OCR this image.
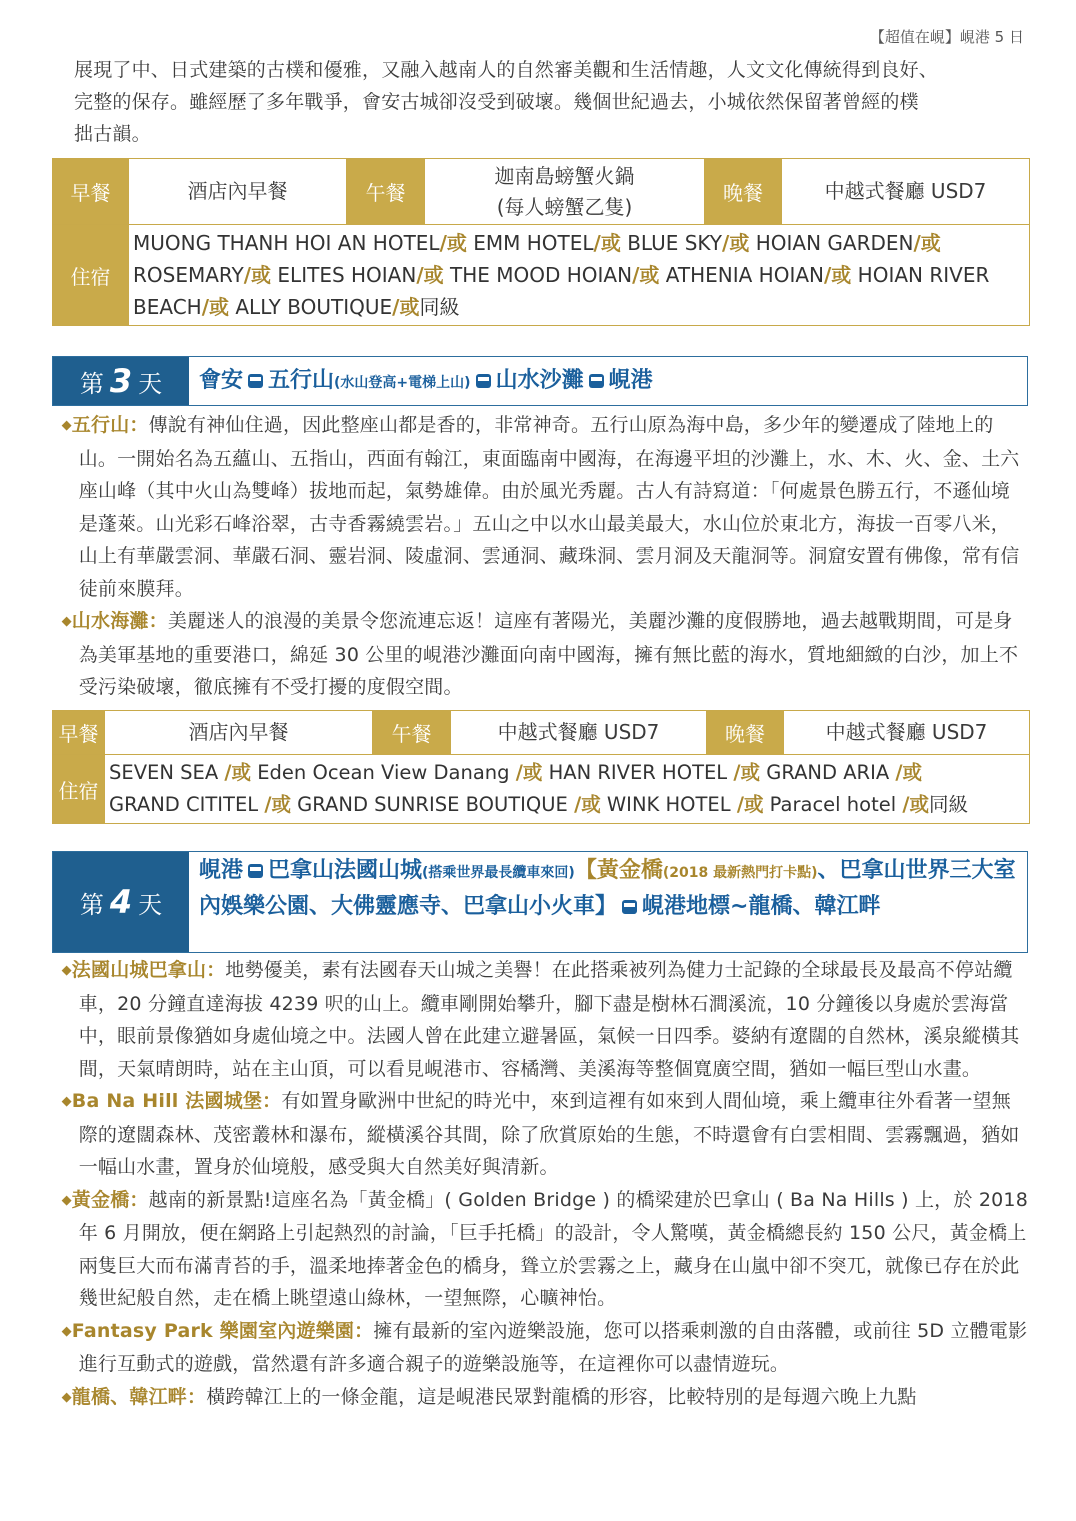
【超值在峴】峴港 5 日

展現了中、日式建築的古樸和優雅，又融入越南人的自然審美觀和生活情趣，人文文化傳統得到良好、

完整的保存。雖經歷了多年戰爭，會安古城卻沒受到破壞。幾個世紀過去，小城依然保留著曾經的樸

拙古韻。

早餐	酒店內早餐	午餐	迦南島螃蟹火鍋
(每人螃蟹乙隻)	晚餐	中越式餐廳 USD7
住宿	MUONG THANH HOI AN HOTEL/或 EMM HOTEL/或 BLUE SKY/或 HOIAN GARDEN/或
ROSEMARY/或 ELITES HOIAN/或 THE MOOD HOIAN/或 ATHENIA HOIAN/或 HOIAN RIVER BEACH/或 ALLY BOUTIQUE/或同級				
第 3 天	會安 五行山(水山登高+電梯上山) 山水沙灘 峴港

◆五行山：傳說有神仙住過，因此整座山都是香的，非常神奇。五行山原為海中島，多少年的變遷成了陸地上的山。一開始名為五蘊山、五指山，西面有翰江，東面臨南中國海，在海邊平坦的沙灘上，水、木、火、金、土六座山峰（其中火山為雙峰）拔地而起，氣勢雄偉。由於風光秀麗。古人有詩寫道：「何處景色勝五行，不遜仙境是蓬萊。山光彩石峰浴翠，古寺香霧繞雲岩。」五山之中以水山最美最大，水山位於東北方，海拔一百零八米，山上有華嚴雲洞、華嚴石洞、靈岩洞、陵虛洞、雲通洞、藏珠洞、雲月洞及天龍洞等。洞窟安置有佛像，常有信徒前來膜拜。

◆山水海灘：美麗迷人的浪漫的美景令您流連忘返！這座有著陽光，美麗沙灘的度假勝地，過去越戰期間，可是身為美軍基地的重要港口，綿延 30 公里的峴港沙灘面向南中國海，擁有無比藍的海水，質地細緻的白沙，加上不受污染破壞，徹底擁有不受打擾的度假空間。

早餐	酒店內早餐	午餐	中越式餐廳 USD7	晚餐	中越式餐廳 USD7
住宿	SEVEN SEA /或 Eden Ocean View Danang /或 HAN RIVER HOTEL /或 GRAND ARIA /或
GRAND CITITEL /或 GRAND SUNRISE BOUTIQUE /或 WINK HOTEL /或 Paracel hotel /或同級				
第 4 天
峴港 巴拿山法國山城(搭乘世界最長纜車來回)【黃金橋(2018 最新熱門打卡點)、巴拿山世界三大室內娛樂公園、大佛靈應寺、巴拿山小火車】 峴港地標~龍橋、韓江畔

◆法國山城巴拿山：地勢優美，素有法國春天山城之美譽！在此搭乘被列為健力士記錄的全球最長及最高不停站纜車，20 分鐘直達海拔 4239 呎的山上。纜車剛開始攀升，腳下盡是樹林石澗溪流，10 分鐘後以身處於雲海當中，眼前景像猶如身處仙境之中。法國人曾在此建立避暑區，氣候一日四季。婆納有遼闊的自然林，溪泉縱橫其間，天氣晴朗時，站在主山頂，可以看見峴港市、容橘灣、美溪海等整個寬廣空間，猶如一幅巨型山水畫。

◆Ba Na Hill 法國城堡：有如置身歐洲中世紀的時光中，來到這裡有如來到人間仙境，乘上纜車往外看著一望無際的遼闊森林、茂密叢林和瀑布，縱橫溪谷其間，除了欣賞原始的生態，不時還會有白雲相間、雲霧飄過，猶如一幅山水畫，置身於仙境般，感受與大自然美好與清新。

◆黃金橋：越南的新景點!這座名為「黃金橋」( Golden Bridge ) 的橋梁建於巴拿山 ( Ba Na Hills ) 上，於 2018 年 6 月開放，便在網路上引起熱烈的討論，「巨手托橋」的設計，令人驚嘆，黃金橋總長約 150 公尺，黃金橋上兩隻巨大而布滿青苔的手，溫柔地捧著金色的橋身，聳立於雲霧之上，藏身在山嵐中卻不突兀，就像已存在於此幾世紀般自然，走在橋上眺望遠山綠林，一望無際，心曠神怡。

◆Fantasy Park 樂園室內遊樂園：擁有最新的室內遊樂設施，您可以搭乘刺激的自由落體，或前往 5D 立體電影進行互動式的遊戲，當然還有許多適合親子的遊樂設施等，在這裡你可以盡情遊玩。

◆龍橋、韓江畔：橫跨韓江上的一條金龍，這是峴港民眾對龍橋的形容，比較特別的是每週六晚上九點
